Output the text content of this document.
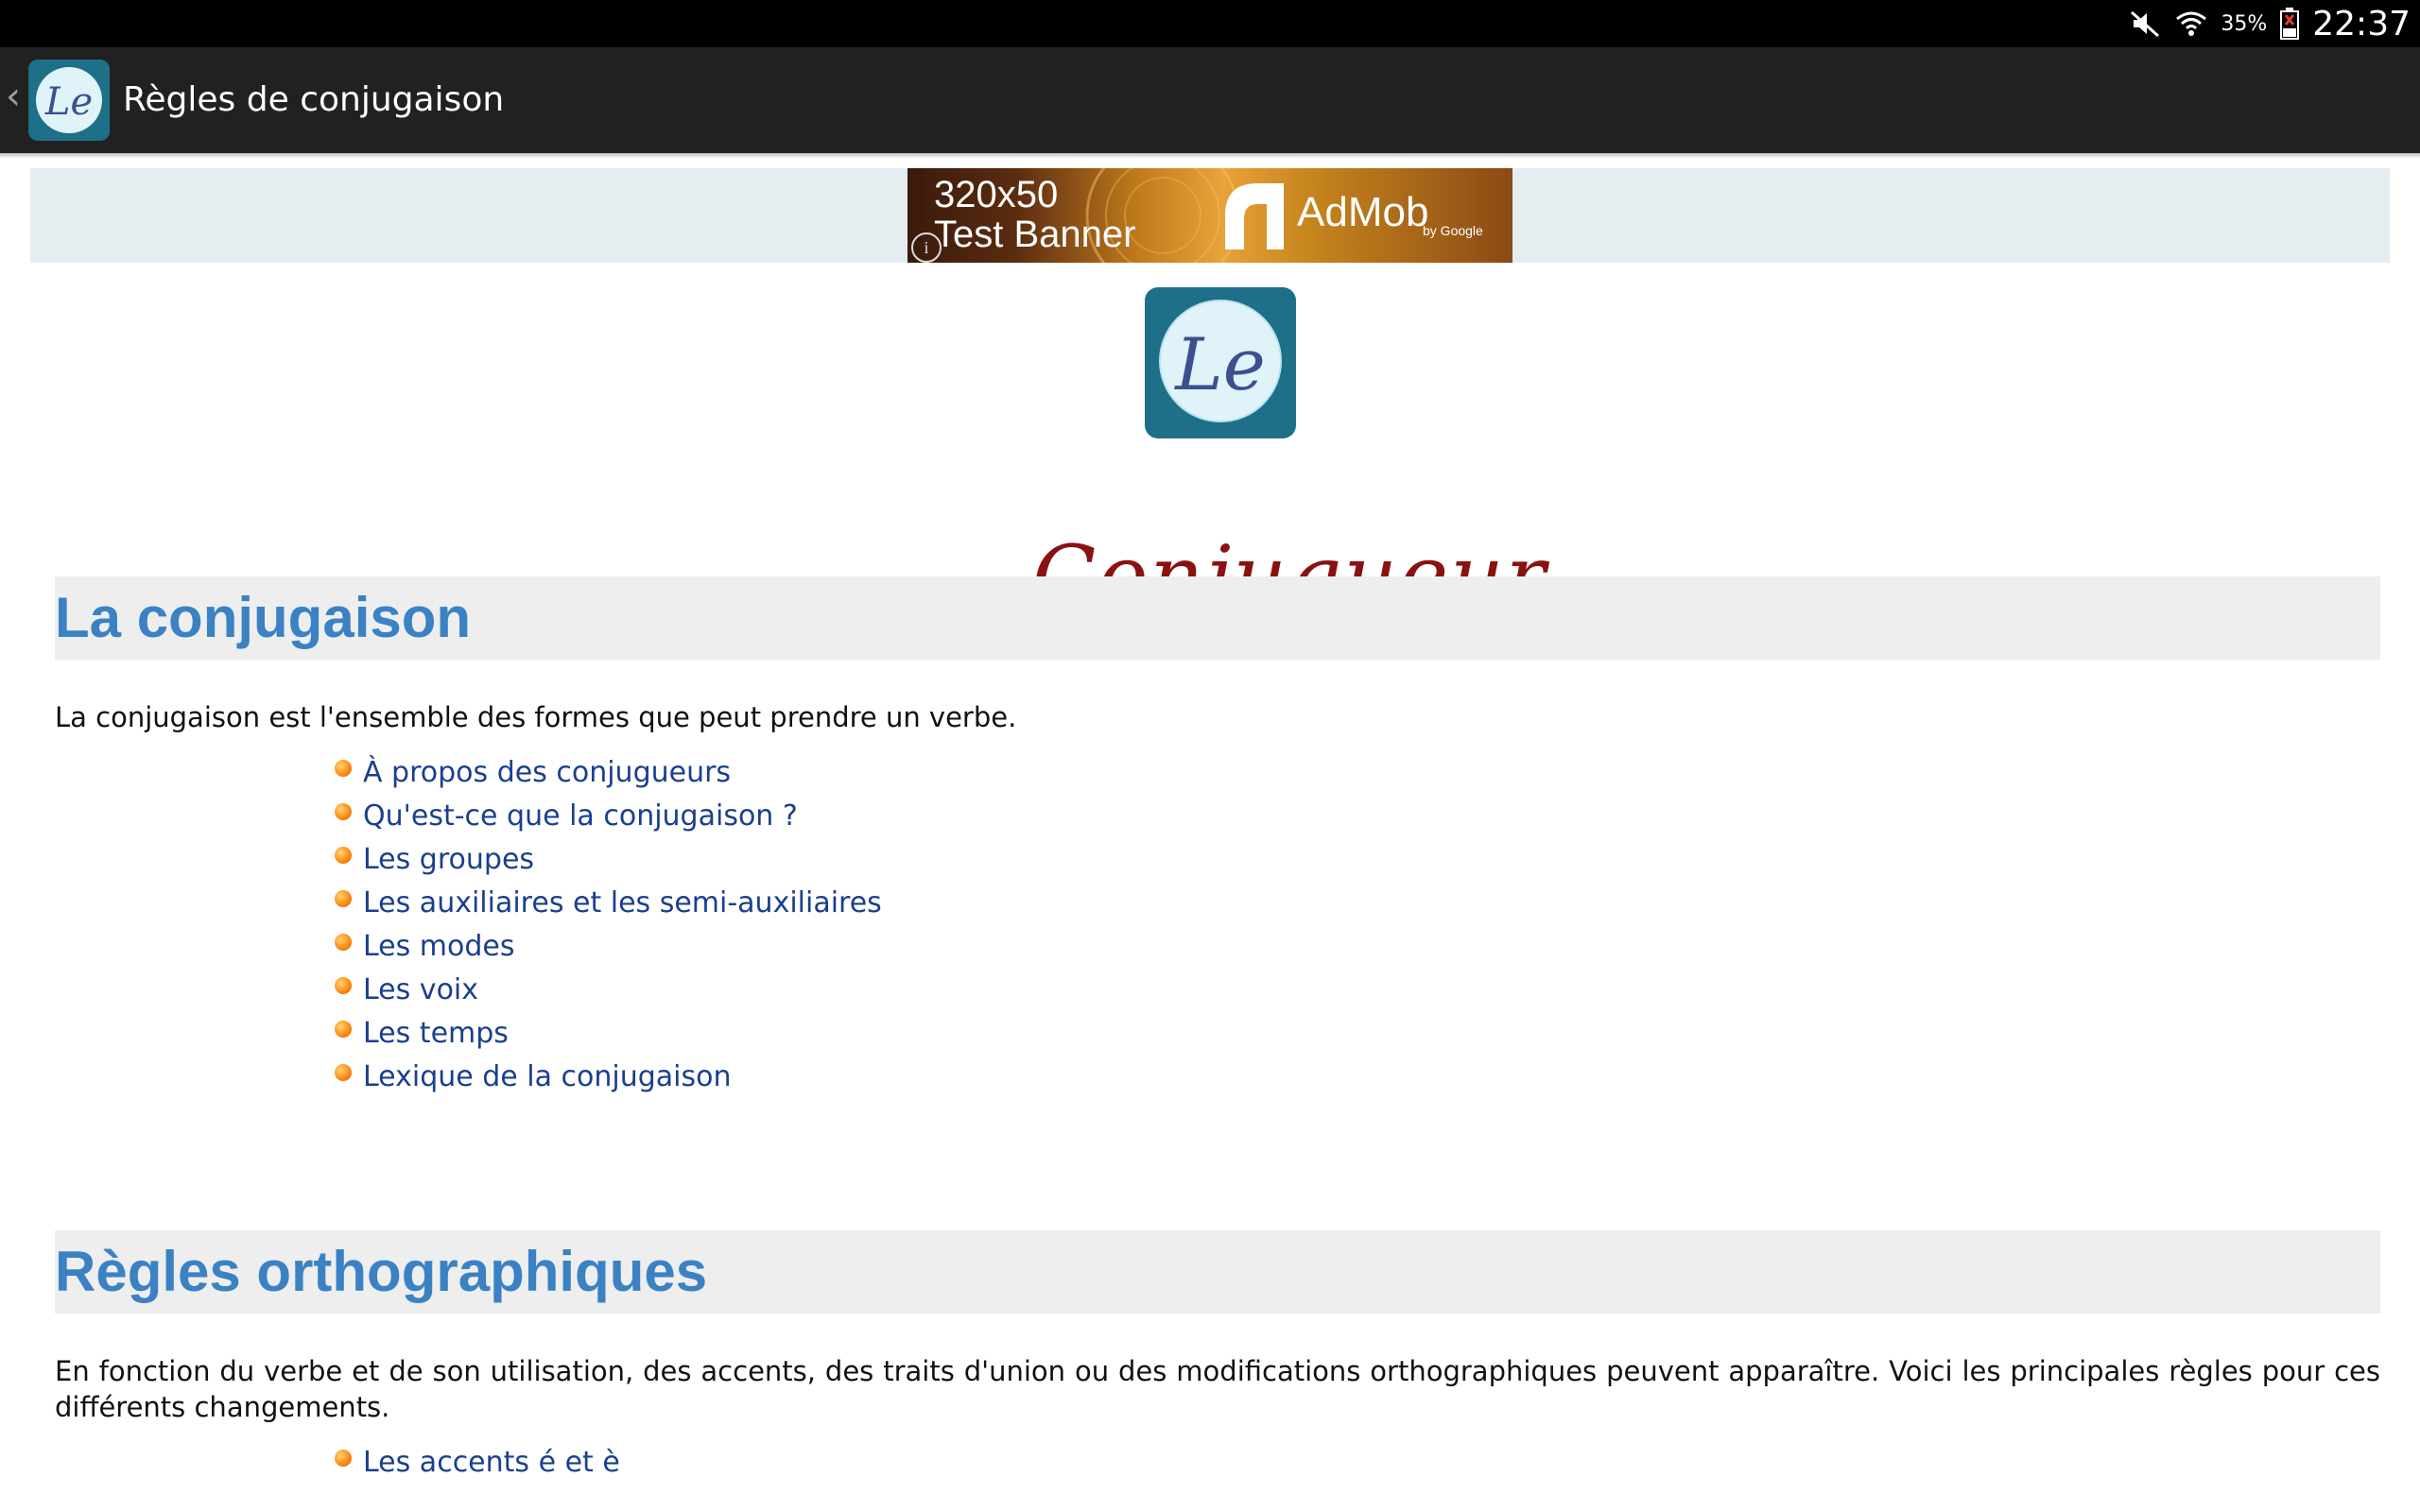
35% 22:37
‹ Le Règles de conjugaison
320x50
Test Banner
i
AdMob
by Google
Le
La conjugaison
La conjugaison est l'ensemble des formes que peut prendre un verbe.
À propos des conjugueurs
Qu'est-ce que la conjugaison ?
Les groupes
Les auxiliaires et les semi-auxiliaires
Les modes
Les voix
Les temps
Lexique de la conjugaison
Règles orthographiques
En fonction du verbe et de son utilisation, des accents, des traits d'union ou des modifications orthographiques peuvent apparaître. Voici les principales règles pour ces différents changements.
Les accents é et è
